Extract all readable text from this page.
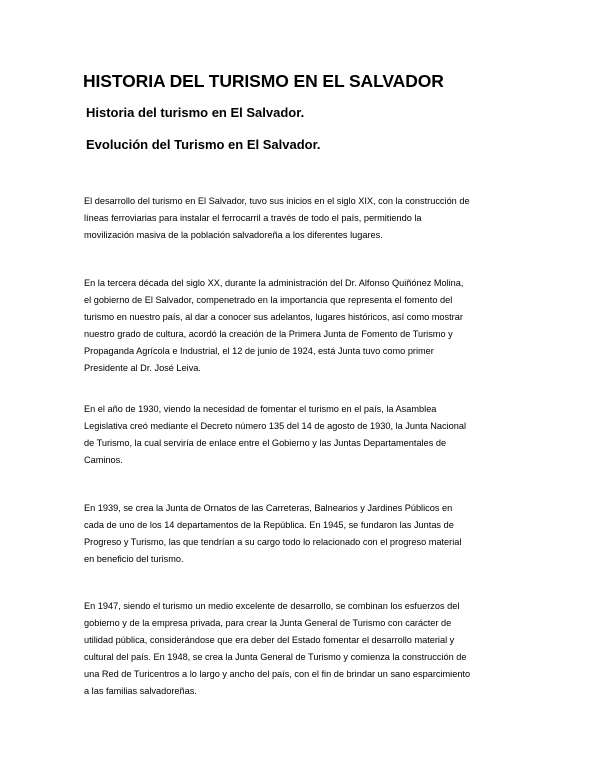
HISTORIA DEL TURISMO EN EL SALVADOR
Historia del turismo en El Salvador.
Evolución del Turismo en El Salvador.

El desarrollo del turismo en El Salvador, tuvo sus inicios en el siglo XIX, con la construcción de
líneas ferroviarias para instalar el ferrocarril a través de todo el país, permitiendo la
movilización masiva de la población salvadoreña a los diferentes lugares.

En la tercera década del siglo XX, durante la administración del Dr. Alfonso Quiñónez Molina,
el gobierno de El Salvador, compenetrado en la importancia que representa el fomento del
turismo en nuestro país, al dar a conocer sus adelantos, lugares históricos, así como mostrar
nuestro grado de cultura, acordó la creación de la Primera Junta de Fomento de Turismo y
Propaganda Agrícola e Industrial, el 12 de junio de 1924, está Junta tuvo como primer
Presidente al Dr. José Leiva.

En el año de 1930, viendo la necesidad de fomentar el turismo en el país, la Asamblea
Legislativa creó mediante el Decreto número 135 del 14 de agosto de 1930, la Junta Nacional
de Turismo, la cual serviría de enlace entre el Gobierno y las Juntas Departamentales de
Caminos.

En 1939, se crea la Junta de Ornatos de las Carreteras, Balnearios y Jardines Públicos en
cada de uno de los 14 departamentos de la República. En 1945, se fundaron las Juntas de
Progreso y Turismo, las que tendrían a su cargo todo lo relacionado con el progreso material
en beneficio del turismo.

En 1947, siendo el turismo un medio excelente de desarrollo, se combinan los esfuerzos del
gobierno y de la empresa privada, para crear la Junta General de Turismo con carácter de
utilidad pública, considerándose que era deber del Estado fomentar el desarrollo material y
cultural del país. En 1948, se crea la Junta General de Turismo y comienza la construcción de
una Red de Turicentros a lo largo y ancho del país, con el fin de brindar un sano esparcimiento
a las familias salvadoreñas.
